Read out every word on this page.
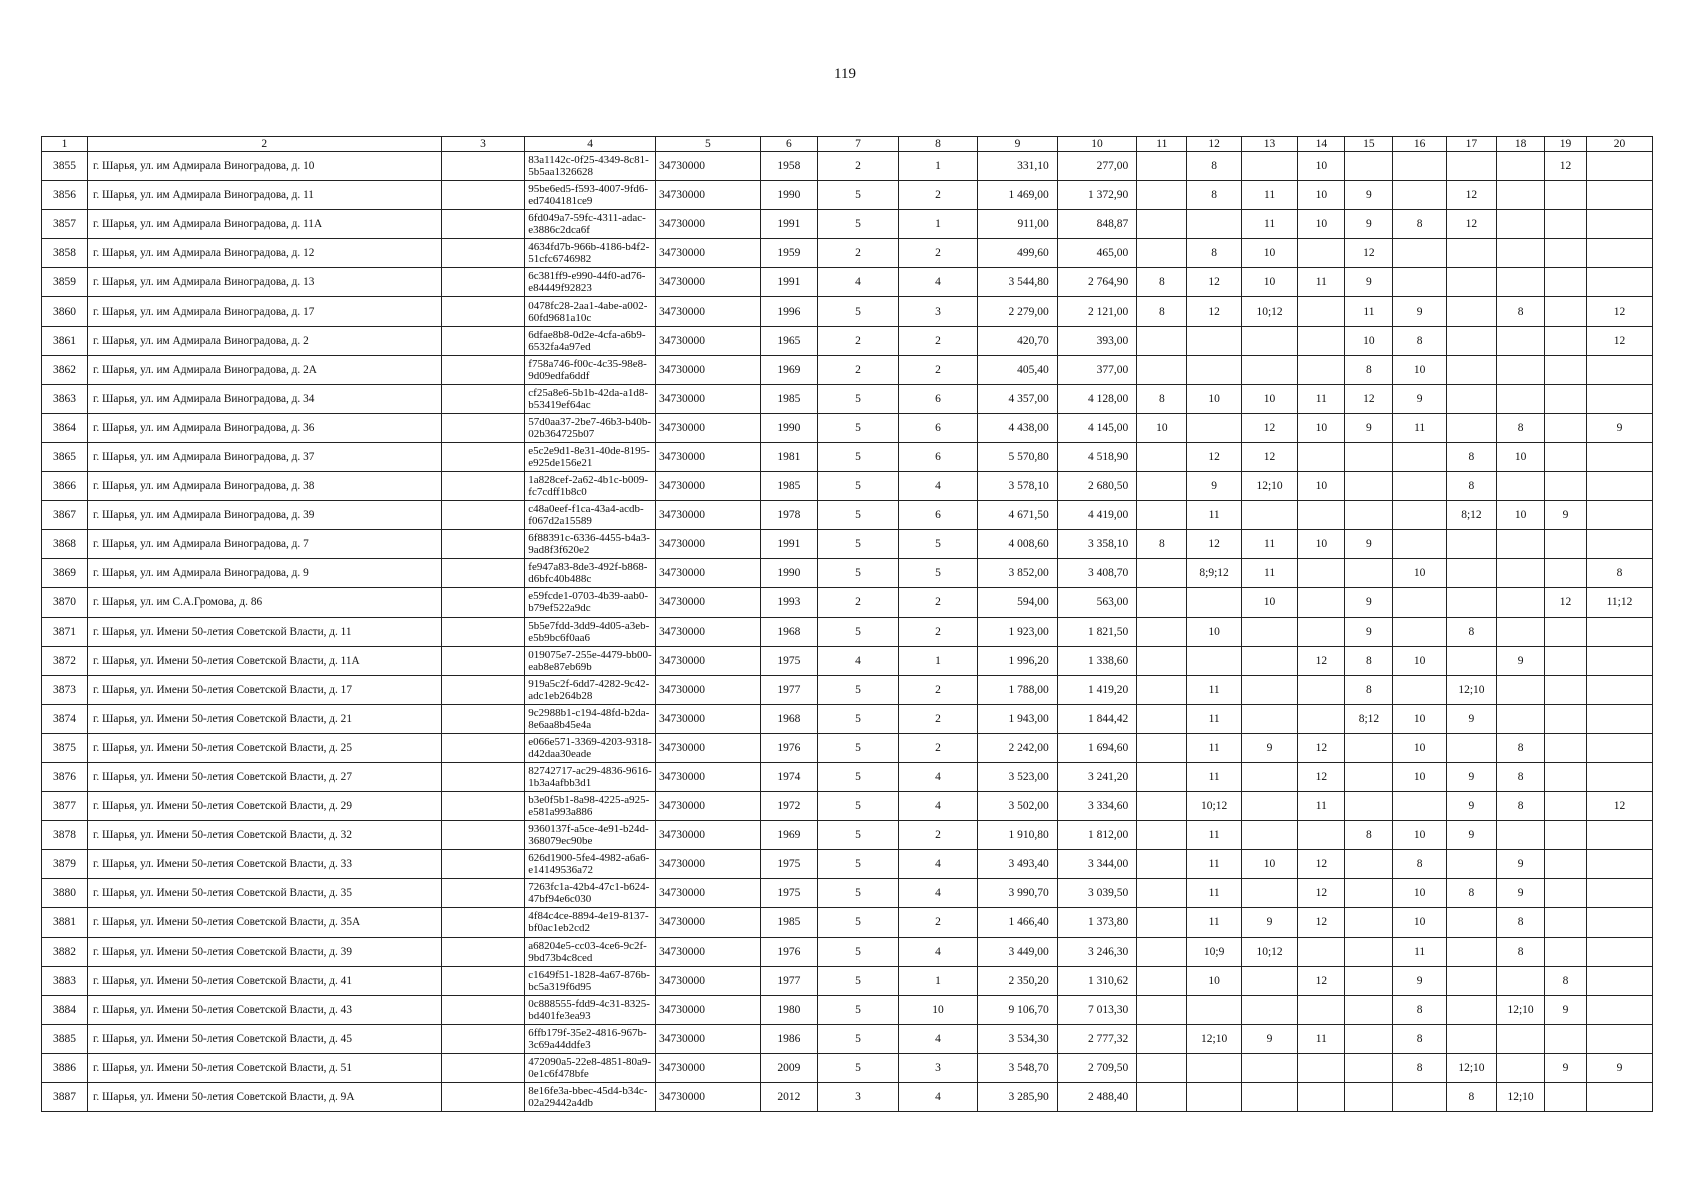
119
1	2	3	4	5	6	7	8	9	10	11	12	13	14	15	16	17	18	19	20
3855	г. Шарья, ул. им Адмирала Виноградова, д. 10		83a1142c-0f25-4349-8c81-5b5aa1326628	34730000	1958	2	1	331,10	277,00		8		10					12	
3856	г. Шарья, ул. им Адмирала Виноградова, д. 11		95be6ed5-f593-4007-9fd6-ed7404181ce9	34730000	1990	5	2	1 469,00	1 372,90		8	11	10	9		12			
3857	г. Шарья, ул. им Адмирала Виноградова, д. 11А		6fd049a7-59fc-4311-adac-e3886c2dca6f	34730000	1991	5	1	911,00	848,87			11	10	9	8	12			
3858	г. Шарья, ул. им Адмирала Виноградова, д. 12		4634fd7b-966b-4186-b4f2-51cfc6746982	34730000	1959	2	2	499,60	465,00		8	10		12					
3859	г. Шарья, ул. им Адмирала Виноградова, д. 13		6c381ff9-e990-44f0-ad76-e84449f92823	34730000	1991	4	4	3 544,80	2 764,90	8	12	10	11	9					
3860	г. Шарья, ул. им Адмирала Виноградова, д. 17		0478fc28-2aa1-4abe-a002-60fd9681a10c	34730000	1996	5	3	2 279,00	2 121,00	8	12	10;12		11	9		8		12
3861	г. Шарья, ул. им Адмирала Виноградова, д. 2		6dfae8b8-0d2e-4cfa-a6b9-6532fa4a97ed	34730000	1965	2	2	420,70	393,00					10	8				12
3862	г. Шарья, ул. им Адмирала Виноградова, д. 2А		f758a746-f00c-4c35-98e8-9d09edfa6ddf	34730000	1969	2	2	405,40	377,00					8	10				
3863	г. Шарья, ул. им Адмирала Виноградова, д. 34		cf25a8e6-5b1b-42da-a1d8-b53419ef64ac	34730000	1985	5	6	4 357,00	4 128,00	8	10	10	11	12	9				
3864	г. Шарья, ул. им Адмирала Виноградова, д. 36		57d0aa37-2be7-46b3-b40b-02b364725b07	34730000	1990	5	6	4 438,00	4 145,00	10		12	10	9	11		8		9
3865	г. Шарья, ул. им Адмирала Виноградова, д. 37		e5c2e9d1-8e31-40de-8195-e925de156e21	34730000	1981	5	6	5 570,80	4 518,90		12	12				8	10		
3866	г. Шарья, ул. им Адмирала Виноградова, д. 38		1a828cef-2a62-4b1c-b009-fc7cdff1b8c0	34730000	1985	5	4	3 578,10	2 680,50		9	12;10	10			8			
3867	г. Шарья, ул. им Адмирала Виноградова, д. 39		c48a0eef-f1ca-43a4-acdb-f067d2a15589	34730000	1978	5	6	4 671,50	4 419,00		11					8;12	10	9	
3868	г. Шарья, ул. им Адмирала Виноградова, д. 7		6f88391c-6336-4455-b4a3-9ad8f3f620e2	34730000	1991	5	5	4 008,60	3 358,10	8	12	11	10	9					
3869	г. Шарья, ул. им Адмирала Виноградова, д. 9		fe947a83-8de3-492f-b868-d6bfc40b488c	34730000	1990	5	5	3 852,00	3 408,70		8;9;12	11			10				8
3870	г. Шарья, ул. им С.А.Громова, д. 86		e59fcde1-0703-4b39-aab0-b79ef522a9dc	34730000	1993	2	2	594,00	563,00			10		9				12	11;12
3871	г. Шарья, ул. Имени 50-летия Советской Власти, д. 11		5b5e7fdd-3dd9-4d05-a3eb-e5b9bc6f0aa6	34730000	1968	5	2	1 923,00	1 821,50		10			9		8			
3872	г. Шарья, ул. Имени 50-летия Советской Власти, д. 11А		019075e7-255e-4479-bb00-eab8e87eb69b	34730000	1975	4	1	1 996,20	1 338,60				12	8	10		9		
3873	г. Шарья, ул. Имени 50-летия Советской Власти, д. 17		919a5c2f-6dd7-4282-9c42-adc1eb264b28	34730000	1977	5	2	1 788,00	1 419,20		11			8		12;10			
3874	г. Шарья, ул. Имени 50-летия Советской Власти, д. 21		9c2988b1-c194-48fd-b2da-8e6aa8b45e4a	34730000	1968	5	2	1 943,00	1 844,42		11			8;12	10	9			
3875	г. Шарья, ул. Имени 50-летия Советской Власти, д. 25		e066e571-3369-4203-9318-d42daa30eade	34730000	1976	5	2	2 242,00	1 694,60		11	9	12		10		8		
3876	г. Шарья, ул. Имени 50-летия Советской Власти, д. 27		82742717-ac29-4836-9616-1b3a4afbb3d1	34730000	1974	5	4	3 523,00	3 241,20		11		12		10	9	8		
3877	г. Шарья, ул. Имени 50-летия Советской Власти, д. 29		b3e0f5b1-8a98-4225-a925-e581a993a886	34730000	1972	5	4	3 502,00	3 334,60		10;12		11			9	8		12
3878	г. Шарья, ул. Имени 50-летия Советской Власти, д. 32		9360137f-a5ce-4e91-b24d-368079ec90be	34730000	1969	5	2	1 910,80	1 812,00		11			8	10	9			
3879	г. Шарья, ул. Имени 50-летия Советской Власти, д. 33		626d1900-5fe4-4982-a6a6-e14149536a72	34730000	1975	5	4	3 493,40	3 344,00		11	10	12		8		9		
3880	г. Шарья, ул. Имени 50-летия Советской Власти, д. 35		7263fc1a-42b4-47c1-b624-47bf94e6c030	34730000	1975	5	4	3 990,70	3 039,50		11		12		10	8	9		
3881	г. Шарья, ул. Имени 50-летия Советской Власти, д. 35А		4f84c4ce-8894-4e19-8137-bf0ac1eb2cd2	34730000	1985	5	2	1 466,40	1 373,80		11	9	12		10		8		
3882	г. Шарья, ул. Имени 50-летия Советской Власти, д. 39		a68204e5-cc03-4ce6-9c2f-9bd73b4c8ced	34730000	1976	5	4	3 449,00	3 246,30		10;9	10;12			11		8		
3883	г. Шарья, ул. Имени 50-летия Советской Власти, д. 41		c1649f51-1828-4a67-876b-bc5a319f6d95	34730000	1977	5	1	2 350,20	1 310,62		10		12		9			8	
3884	г. Шарья, ул. Имени 50-летия Советской Власти, д. 43		0c888555-fdd9-4c31-8325-bd401fe3ea93	34730000	1980	5	10	9 106,70	7 013,30						8		12;10	9	
3885	г. Шарья, ул. Имени 50-летия Советской Власти, д. 45		6ffb179f-35e2-4816-967b-3c69a44ddfe3	34730000	1986	5	4	3 534,30	2 777,32		12;10	9	11		8				
3886	г. Шарья, ул. Имени 50-летия Советской Власти, д. 51		472090a5-22e8-4851-80a9-0e1c6f478bfe	34730000	2009	5	3	3 548,70	2 709,50						8	12;10		9	9
3887	г. Шарья, ул. Имени 50-летия Советской Власти, д. 9А		8e16fe3a-bbec-45d4-b34c-02a29442a4db	34730000	2012	3	4	3 285,90	2 488,40							8	12;10		
